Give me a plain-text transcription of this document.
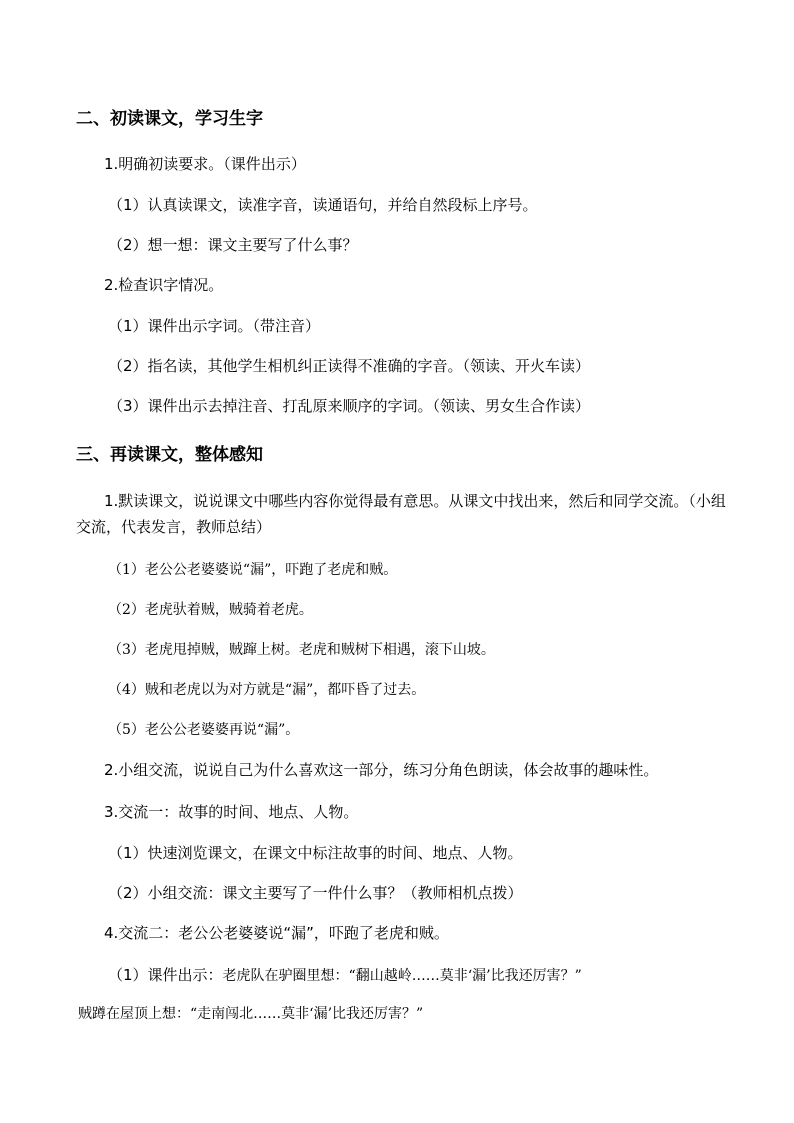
二、初读课文，学习生字
1.明确初读要求。（课件出示）
（1）认真读课文，读准字音，读通语句，并给自然段标上序号。
（2）想一想：课文主要写了什么事？
2.检查识字情况。
（1）课件出示字词。（带注音）
（2）指名读，其他学生相机纠正读得不准确的字音。（领读、开火车读）
（3）课件出示去掉注音、打乱原来顺序的字词。（领读、男女生合作读）
三、再读课文，整体感知
1.默读课文，说说课文中哪些内容你觉得最有意思。从课文中找出来，然后和同学交流。（小组交流，代表发言，教师总结）
（1）老公公老婆婆说“漏”，吓跑了老虎和贼。
（2）老虎驮着贼，贼骑着老虎。
（3）老虎甩掉贼，贼蹿上树。老虎和贼树下相遇，滚下山坡。
（4）贼和老虎以为对方就是“漏”，都吓昏了过去。
（5）老公公老婆婆再说“漏”。
2.小组交流，说说自己为什么喜欢这一部分，练习分角色朗读，体会故事的趣味性。
3.交流一：故事的时间、地点、人物。
（1）快速浏览课文，在课文中标注故事的时间、地点、人物。
（2）小组交流：课文主要写了一件什么事？（教师相机点拨）
4.交流二：老公公老婆婆说“漏”，吓跑了老虎和贼。
（1）课件出示：老虎队在驴圈里想：“翻山越岭……莫非‘漏’比我还厉害？”
贼蹲在屋顶上想：“走南闯北……莫非‘漏’比我还厉害？”
